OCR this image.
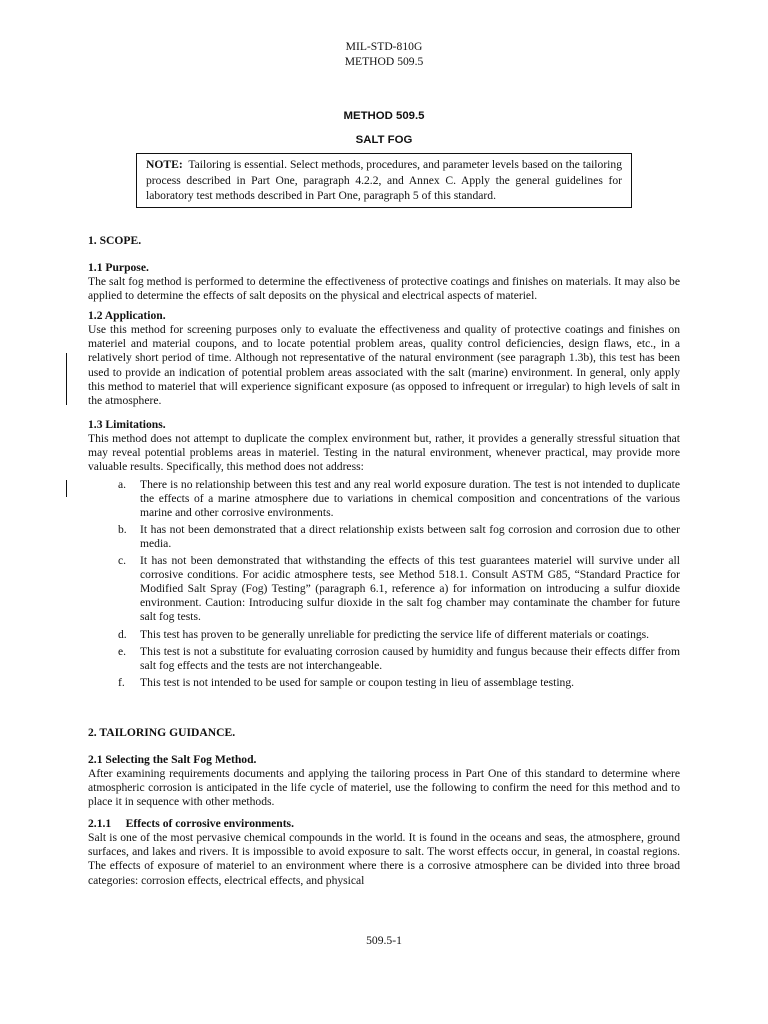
MIL-STD-810G
METHOD 509.5
METHOD 509.5
SALT FOG
NOTE: Tailoring is essential. Select methods, procedures, and parameter levels based on the tailoring process described in Part One, paragraph 4.2.2, and Annex C. Apply the general guidelines for laboratory test methods described in Part One, paragraph 5 of this standard.
1. SCOPE.
1.1 Purpose.
The salt fog method is performed to determine the effectiveness of protective coatings and finishes on materials. It may also be applied to determine the effects of salt deposits on the physical and electrical aspects of materiel.
1.2 Application.
Use this method for screening purposes only to evaluate the effectiveness and quality of protective coatings and finishes on materiel and material coupons, and to locate potential problem areas, quality control deficiencies, design flaws, etc., in a relatively short period of time. Although not representative of the natural environment (see paragraph 1.3b), this test has been used to provide an indication of potential problem areas associated with the salt (marine) environment. In general, only apply this method to materiel that will experience significant exposure (as opposed to infrequent or irregular) to high levels of salt in the atmosphere.
1.3 Limitations.
This method does not attempt to duplicate the complex environment but, rather, it provides a generally stressful situation that may reveal potential problems areas in materiel. Testing in the natural environment, whenever practical, may provide more valuable results. Specifically, this method does not address:
a. There is no relationship between this test and any real world exposure duration. The test is not intended to duplicate the effects of a marine atmosphere due to variations in chemical composition and concentrations of the various marine and other corrosive environments.
b. It has not been demonstrated that a direct relationship exists between salt fog corrosion and corrosion due to other media.
c. It has not been demonstrated that withstanding the effects of this test guarantees materiel will survive under all corrosive conditions. For acidic atmosphere tests, see Method 518.1. Consult ASTM G85, “Standard Practice for Modified Salt Spray (Fog) Testing” (paragraph 6.1, reference a) for information on introducing a sulfur dioxide environment. Caution: Introducing sulfur dioxide in the salt fog chamber may contaminate the chamber for future salt fog tests.
d. This test has proven to be generally unreliable for predicting the service life of different materials or coatings.
e. This test is not a substitute for evaluating corrosion caused by humidity and fungus because their effects differ from salt fog effects and the tests are not interchangeable.
f. This test is not intended to be used for sample or coupon testing in lieu of assemblage testing.
2. TAILORING GUIDANCE.
2.1 Selecting the Salt Fog Method.
After examining requirements documents and applying the tailoring process in Part One of this standard to determine where atmospheric corrosion is anticipated in the life cycle of materiel, use the following to confirm the need for this method and to place it in sequence with other methods.
2.1.1     Effects of corrosive environments.
Salt is one of the most pervasive chemical compounds in the world. It is found in the oceans and seas, the atmosphere, ground surfaces, and lakes and rivers. It is impossible to avoid exposure to salt. The worst effects occur, in general, in coastal regions. The effects of exposure of materiel to an environment where there is a corrosive atmosphere can be divided into three broad categories: corrosion effects, electrical effects, and physical
509.5-1
